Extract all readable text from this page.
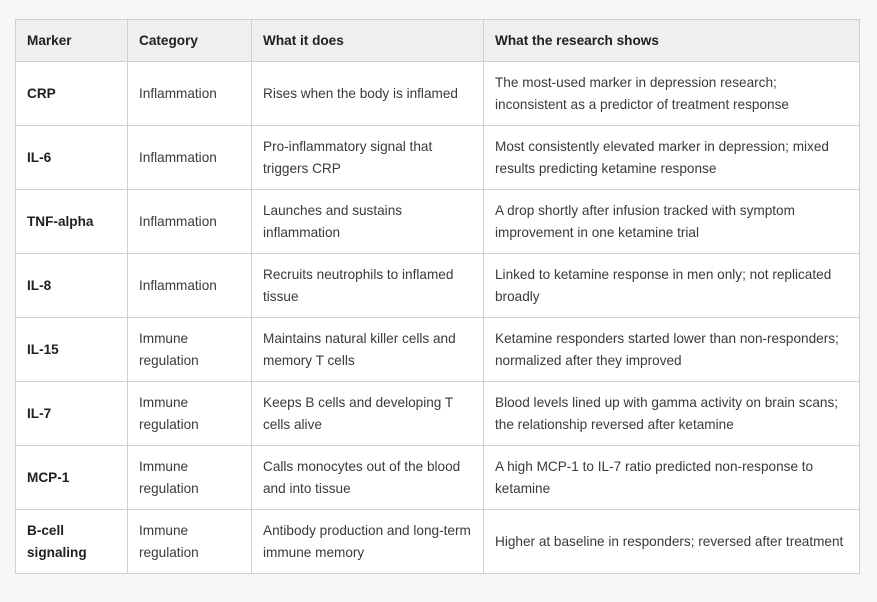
Marker	Category	What it does	What the research shows
CRP	Inflammation	Rises when the body is inflamed	The most-used marker in depression research; inconsistent as a predictor of treatment response
IL-6	Inflammation	Pro-inflammatory signal that triggers CRP	Most consistently elevated marker in depression; mixed results predicting ketamine response
TNF-alpha	Inflammation	Launches and sustains inflammation	A drop shortly after infusion tracked with symptom improvement in one ketamine trial
IL-8	Inflammation	Recruits neutrophils to inflamed tissue	Linked to ketamine response in men only; not replicated broadly
IL-15	Immune regulation	Maintains natural killer cells and memory T cells	Ketamine responders started lower than non-responders; normalized after they improved
IL-7	Immune regulation	Keeps B cells and developing T cells alive	Blood levels lined up with gamma activity on brain scans; the relationship reversed after ketamine
MCP-1	Immune regulation	Calls monocytes out of the blood and into tissue	A high MCP-1 to IL-7 ratio predicted non-response to ketamine
B-cell signaling	Immune regulation	Antibody production and long-term immune memory	Higher at baseline in responders; reversed after treatment
